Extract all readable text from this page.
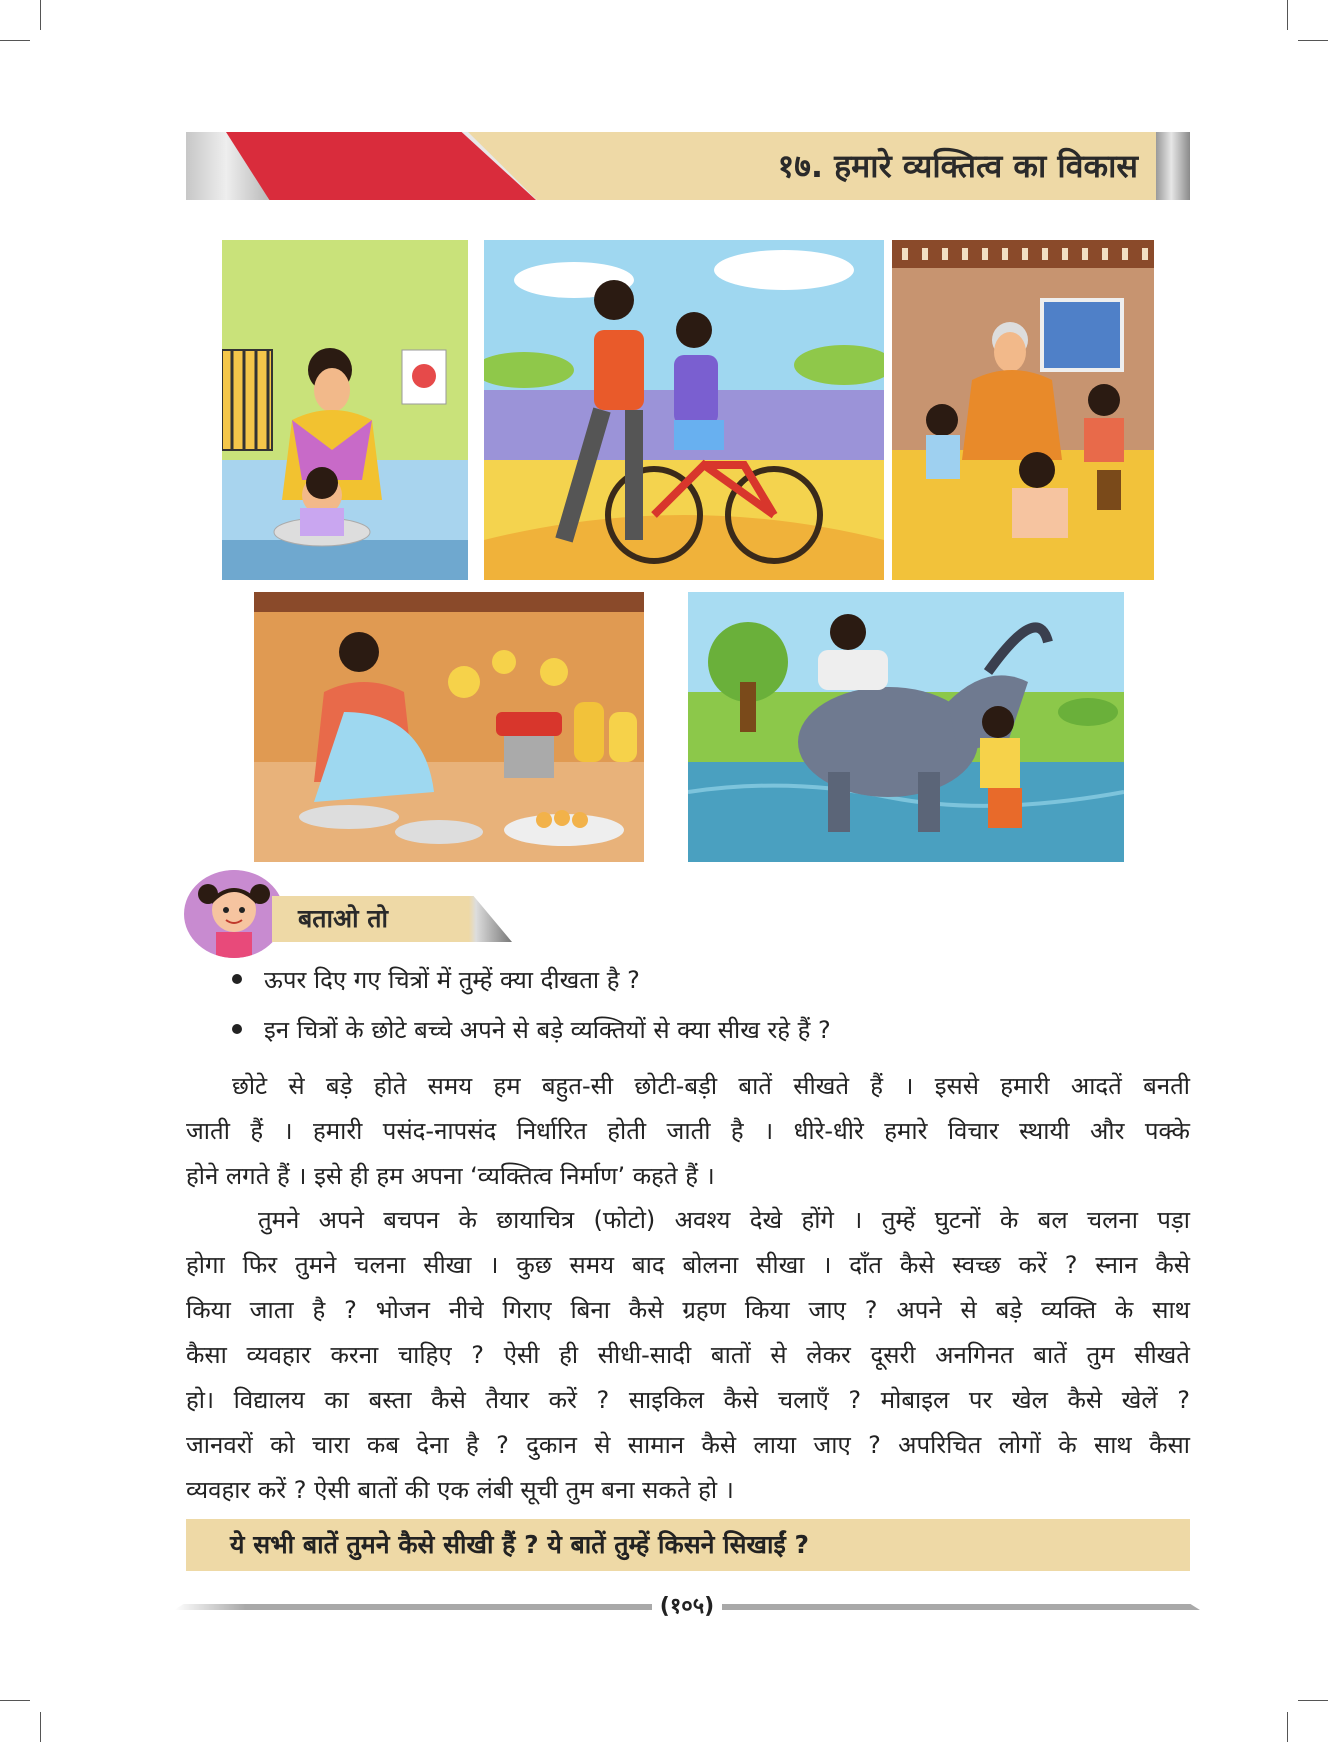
१७. हमारे व्यक्तित्व का विकास
बताओ तो
ऊपर दिए गए चित्रों में तुम्हें क्या दीखता है ?
इन चित्रों के छोटे बच्चे अपने से बड़े व्यक्तियों से क्या सीख रहे हैं ?
छोटे से बड़े होते समय हम बहुत-सी छोटी-बड़ी बातें सीखते हैं । इससे हमारी आदतें बनती
जाती हैं । हमारी पसंद-नापसंद निर्धारित होती जाती है । धीरे-धीरे हमारे विचार स्थायी और पक्के
होने लगते हैं । इसे ही हम अपना ‘व्यक्तित्व निर्माण’ कहते हैं ।
तुमने अपने बचपन के छायाचित्र (फोटो) अवश्य देखे होंगे । तुम्हें घुटनों के बल चलना पड़ा
होगा फिर तुमने चलना सीखा । कुछ समय बाद बोलना सीखा । दाँत कैसे स्वच्छ करें ? स्नान कैसे
किया जाता है ? भोजन नीचे गिराए बिना कैसे ग्रहण किया जाए ? अपने से बड़े व्यक्ति के साथ
कैसा व्यवहार करना चाहिए ? ऐसी ही सीधी-सादी बातों से लेकर दूसरी अनगिनत बातें तुम सीखते
हो। विद्यालय का बस्ता कैसे तैयार करें ? साइकिल कैसे चलाएँ ? मोबाइल पर खेल कैसे खेलें ?
जानवरों को चारा कब देना है ? दुकान से सामान कैसे लाया जाए ? अपरिचित लोगों के साथ कैसा
व्यवहार करें ? ऐसी बातों की एक लंबी सूची तुम बना सकते हो ।
ये सभी बातें तुमने कैसे सीखी हैं ? ये बातें तुम्हें किसने सिखाईं ?
(१०५)
